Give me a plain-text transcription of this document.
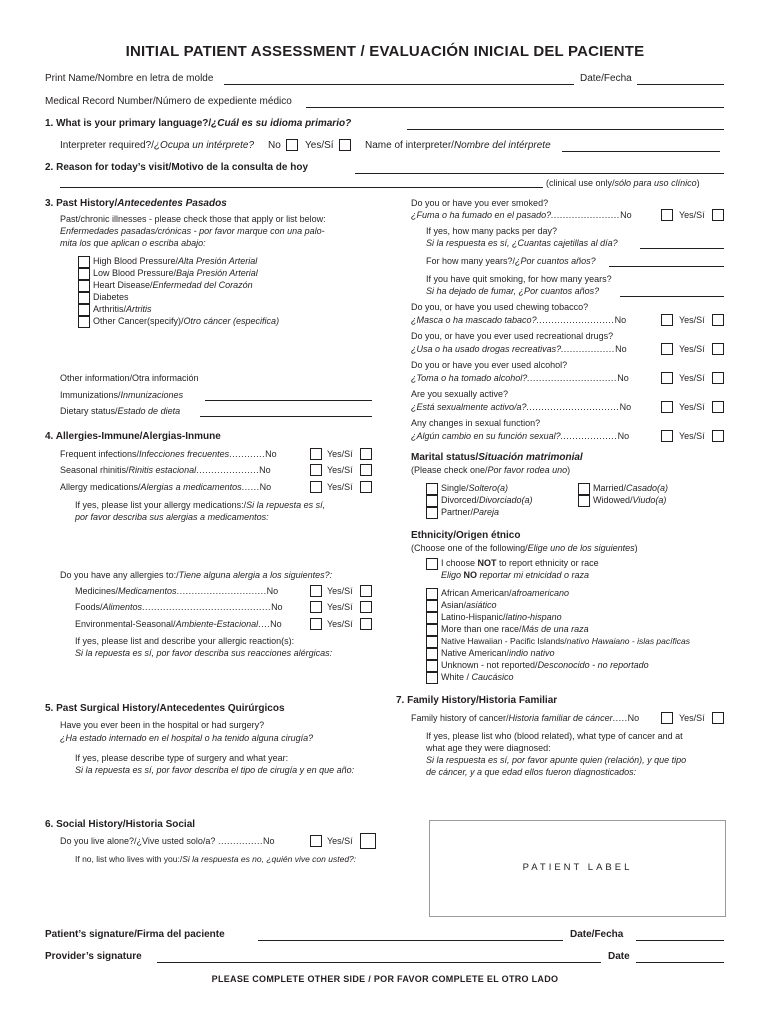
INITIAL PATIENT ASSESSMENT / EVALUACIÓN INICIAL DEL PACIENTE
Print Name/Nombre en letra de molde	Date/Fecha
Medical Record Number/Número de expediente médico
1. What is your primary language?/¿Cuál es su idioma primario?
Interpreter required?/¿Ocupa un intérprete? No Yes/Sí	Name of interpreter/Nombre del intérprete
2. Reason for today’s visit/Motivo de la consulta de hoy
(clinical use only/sólo para uso clínico)
3. Past History/Antecedentes Pasados
Past/chronic illnesses - please check those that apply or list below:
Enfermedades pasadas/crónicas - por favor marque con una palo-
mita los que aplican o escriba abajo:
High Blood Pressure/Alta Presión Arterial
Low Blood Pressure/Baja Presión Arterial
Heart Disease/Enfermedad del Corazón
Diabetes
Arthritis/Artritis
Other Cancer(specify)/Otro cáncer (especifica)
Other information/Otra información
Immunizations/Inmunizaciones
Dietary status/Estado de dieta
4. Allergies-Immune/Alergias-Inmune
Frequent infections/Infecciones frecuentes............No	Yes/Sí
Seasonal rhinitis/Rinitis estacional.....................No	Yes/Sí
Allergy medications/Alergias a medicamentos......No	Yes/Sí
If yes, please list your allergy medications:/Si la repuesta es sí,
por favor describa sus alergias a medicamentos:
Do you have any allergies to:/Tiene alguna alergia a los siguientes?:
Medicines/Medicamentos..............................No	Yes/Sí
Foods/Alimentos...........................................No	Yes/Sí
Environmental-Seasonal/Ambiente-Estacional....No	Yes/Sí
If yes, please list and describe your allergic reaction(s):
Si la repuesta es sí, por favor describa sus reacciones alérgicas:
5. Past Surgical History/Antecedentes Quirúrgicos
Have you ever been in the hospital or had surgery?
¿Ha estado internado en el hospital o ha tenido alguna cirugía?
If yes, please describe type of surgery and what year:
Si la repuesta es sí, por favor describa el tipo de cirugía y en que año:
6. Social History/Historia Social
Do you live alone?/¿Vive usted solo/a? ...............No	Yes/Sí
If no, list who lives with you:/Si la respuesta es no, ¿quién vive con usted?:
Do you or have you ever smoked?
¿Fuma o ha fumado en el pasado?.......................No	Yes/Sí
If yes, how many packs per day?
Si la respuesta es sí, ¿Cuantas cajetillas al día?
For how many years?/¿Por cuantos años?
If you have quit smoking, for how many years?
Si ha dejado de fumar, ¿Por cuantos años?
Do you, or have you used chewing tobacco?
¿Masca o ha mascado tabaco?..........................No	Yes/Sí
Do you, or have you ever used recreational drugs?
¿Usa o ha usado drogas recreativas?..................No	Yes/Sí
Do you or have you ever used alcohol?
¿Toma o ha tomado alcohol?..............................No	Yes/Sí
Are you sexually active?
¿Está sexualmente activo/a?...............................No	Yes/Sí
Any changes in sexual function?
¿Algún cambio en su función sexual?...................No	Yes/Sí
Marital status/Situación matrimonial
(Please check one/Por favor rodea uno)
Single/Soltero(a)	Married/Casado(a)
Divorced/Divorciado(a)	Widowed/Viudo(a)
Partner/Pareja
Ethnicity/Origen étnico
(Choose one of the following/Elige uno de los siguientes)
I choose NOT to report ethnicity or race
Eligo NO reportar mi etnicidad o raza
African American/afroamericano
Asian/asiático
Latino-Hispanic/latino-hispano
More than one race/Más de una raza
Native Hawaiian - Pacific Islands/nativo Hawaiano - islas pacíficas
Native American/indio nativo
Unknown - not reported/Desconocido - no reportado
White / Caucásico
7. Family History/Historia Familiar
Family history of cancer/Historia familiar de cáncer.....No	Yes/Sí
If yes, please list who (blood related), what type of cancer and at
what age they were diagnosed:
Si la respuesta es sí, por favor apunte quien (relación), y que tipo
de cáncer, y a que edad ellos fueron diagnosticados:
PATIENT LABEL
Patient’s signature/Firma del paciente	Date/Fecha
Provider’s signature	Date
PLEASE COMPLETE OTHER SIDE / POR FAVOR COMPLETE EL OTRO LADO
